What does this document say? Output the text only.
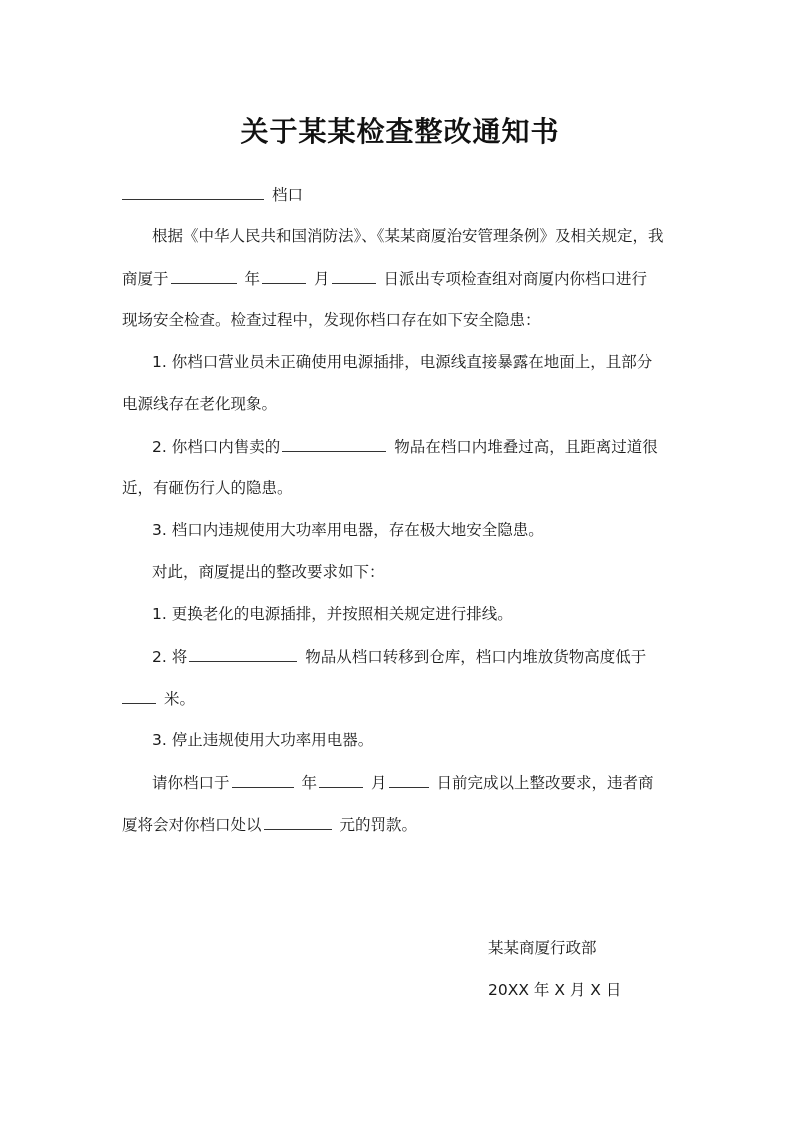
关于某某检查整改通知书
档口
根据《中华人民共和国消防法》、《某某商厦治安管理条例》及相关规定，我
商厦于	年	月	日派出专项检查组对商厦内你档口进行
现场安全检查。检查过程中，发现你档口存在如下安全隐患：
1. 你档口营业员未正确使用电源插排，电源线直接暴露在地面上，且部分
电源线存在老化现象。
2. 你档口内售卖的	物品在档口内堆叠过高，且距离过道很
近，有砸伤行人的隐患。
3. 档口内违规使用大功率用电器，存在极大地安全隐患。
对此，商厦提出的整改要求如下：
1. 更换老化的电源插排，并按照相关规定进行排线。
2. 将	物品从档口转移到仓库，档口内堆放货物高度低于
米。
3. 停止违规使用大功率用电器。
请你档口于	年	月	日前完成以上整改要求，违者商
厦将会对你档口处以	元的罚款。
某某商厦行政部
20XX 年 X 月 X 日
